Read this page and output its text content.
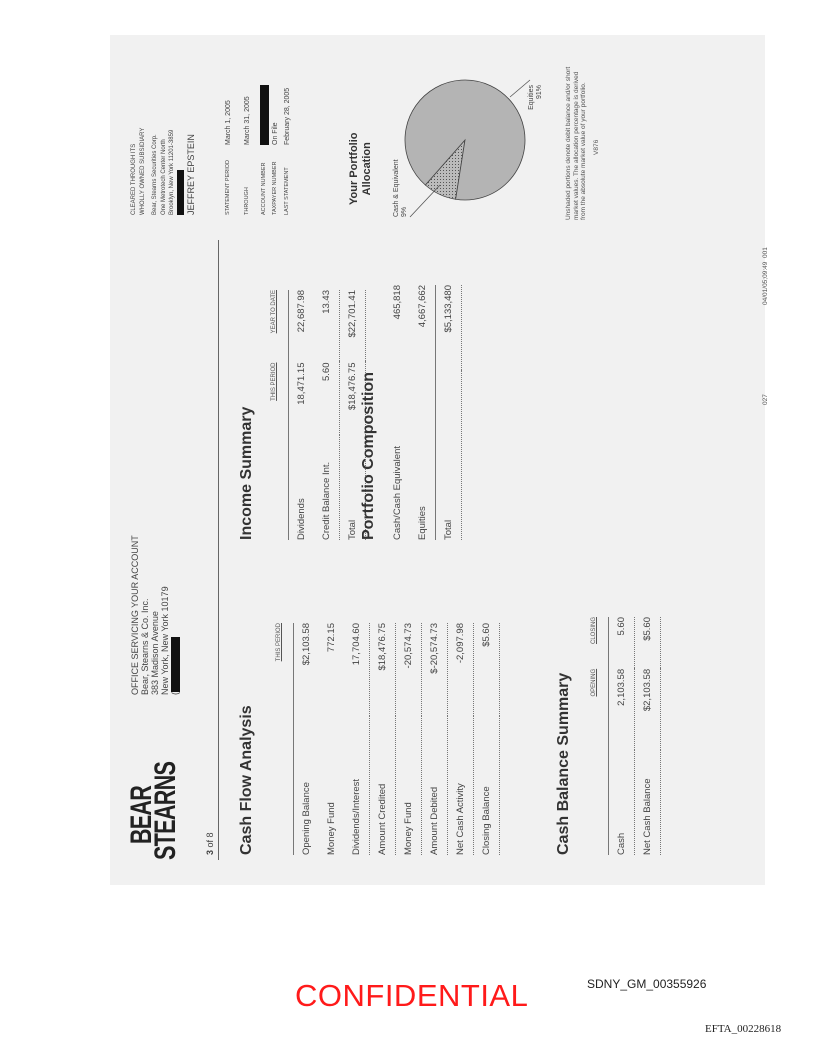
BEAR
STEARNS
OFFICE SERVICING YOUR ACCOUNT Bear, Stearns & Co. Inc. 383 Madison Avenue New York, New York 10179 (
3 of 8 Cash Flow Analysis
	THIS PERIOD
Opening Balance	$2,103.58
Money Fund	772.15
Dividends/Interest	17,704.60
Amount Credited	$18,476.75
Money Fund	-20,574.73
Amount Debited	$-20,574.73
Net Cash Activity	-2,097.98
Closing Balance	$5.60
Cash Balance Summary
		OPENING	CLOSING
Cash	2,103.58	5.60
Net Cash Balance	$2,103.58	$5.60
Income Summary
	THIS PERIOD	YEAR TO DATE
Dividends	18,471.15	22,687.98
Credit Balance Int.	5.60	13.43
Total	$18,476.75	$22,701.41
Portfolio Composition Cash/Cash Equivalent	465,818
Equities	4,667,662
Total	$5,133,480
CLEARED THROUGH ITS WHOLLY OWNED SUBSIDIARY Bear, Stearns Securities Corp. One Metrotech Center North Brooklyn, New York 11201-3859 JEFFREY EPSTEIN	STATEMENT PERIOD	March 1, 2005
THROUGH	March 31, 2005
ACCOUNT NUMBER	
TAXPAYER NUMBER	On File
LAST STATEMENT	February 28, 2005
Your Portfolio Allocation	Cash & Equivalent 9%
Equities 91%	Unshaded portions denote debit balance and/or short market values. The allocation percentage is derived from the absolute market value of your portfolio. V876
027
04/01/05;09:49  001
CONFIDENTIAL	SDNY_GM_00355926
EFTA_00228618
